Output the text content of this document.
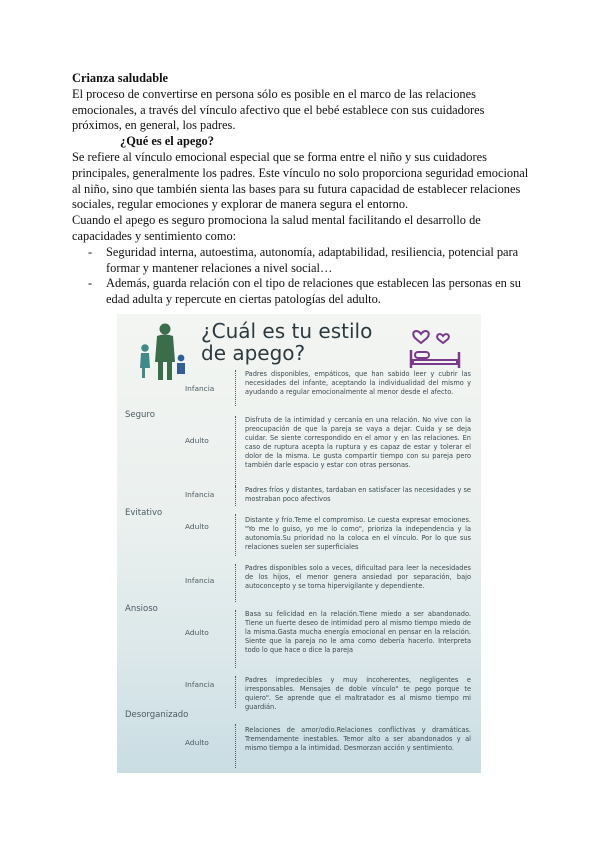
Crianza saludable

El proceso de convertirse en persona sólo es posible en el marco de las relaciones emocionales, a través del vínculo afectivo que el bebé establece con sus cuidadores próximos, en general, los padres.

¿Qué es el apego?

Se refiere al vínculo emocional especial que se forma entre el niño y sus cuidadores principales, generalmente los padres. Este vínculo no solo proporciona seguridad emocional al niño, sino que también sienta las bases para su futura capacidad de establecer relaciones sociales, regular emociones y explorar de manera segura el entorno.

Cuando el apego es seguro promociona la salud mental facilitando el desarrollo de capacidades y sentimiento como:

- Seguridad interna, autoestima, autonomía, adaptabilidad, resiliencia, potencial para formar y mantener relaciones a nivel social…
- Además, guarda relación con el tipo de relaciones que establecen las personas en su edad adulta y repercute en ciertas patologías del adulto.
¿Cuál es tu estilo de apego?
Seguro
Infancia
Padres disponibles, empáticos, que han sabido leer y cubrir las necesidades del infante, aceptando la individualidad del mismo y ayudando a regular emocionalmente al menor desde el afecto.
Adulto
Disfruta de la intimidad y cercanía en una relación. No vive con la preocupación de que la pareja se vaya a dejar. Cuida y se deja cuidar. Se siente correspondido en el amor y en las relaciones. En caso de ruptura acepta la ruptura y es capaz de estar y tolerar el dolor de la misma. Le gusta compartir tiempo con su pareja pero también darle espacio y estar con otras personas.
Evitativo
Infancia	Padres fríos y distantes, tardaban en satisfacer las necesidades y se mostraban poco afectivos
Adulto
Distante y frío.Teme el compromiso. Le cuesta expresar emociones. "Yo me lo guiso, yo me lo como", prioriza la independencia y la autonomía.Su prioridad no la coloca en el vínculo. Por lo que sus relaciones suelen ser superficiales
Ansioso
Infancia
Padres disponibles solo a veces, dificultad para leer la necesidades de los hijos, el menor genera ansiedad por separación, bajo autoconcepto y se torna hipervigilante y dependiente.
Adulto
Basa su felicidad en la relación.Tiene miedo a ser abandonado. Tiene un fuerte deseo de intimidad pero al mismo tiempo miedo de la misma.Gasta mucha energía emocional en pensar en la relación. Siente que la pareja no le ama como debería hacerlo. Interpreta todo lo que hace o dice la pareja
Desorganizado
Infancia	Padres impredecibles y muy incoherentes, negligentes e irresponsables. Mensajes de doble vínculo" te pego porque te quiero". Se aprende que el maltratador es al mismo tiempo mi guardián.
Adulto
Relaciones de amor/odio.Relaciones conflictivas y dramáticas. Tremendamente inestables. Temor alto a ser abandonados y al mismo tiempo a la intimidad. Desmorzan acción y sentimiento.
